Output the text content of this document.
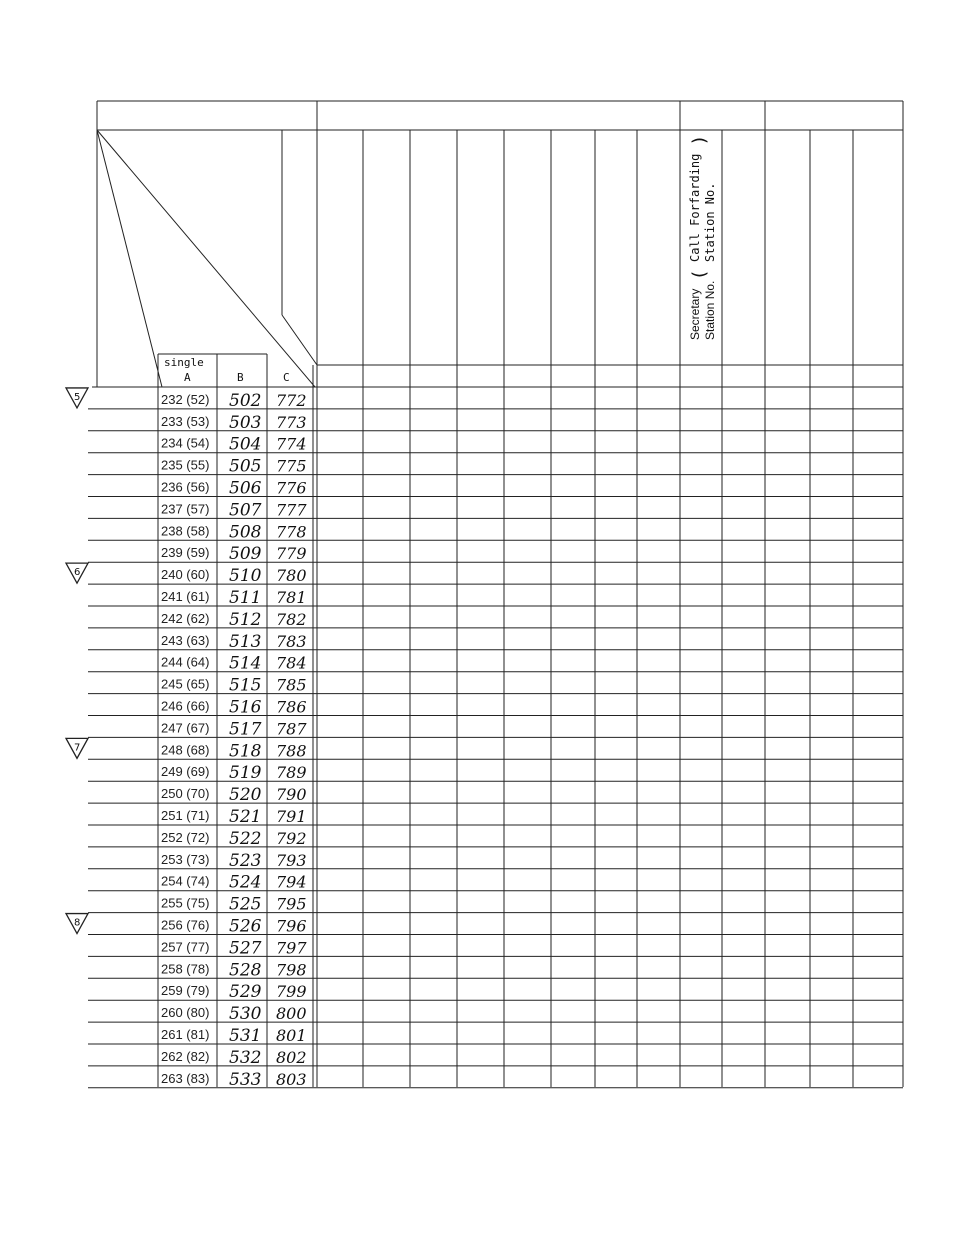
single
A	B	C
Secretary Station No.
Call Forfarding Station No.
(
)
232 (52) 502 772
233 (53) 503 773
234 (54) 504 774
235 (55) 505 775
236 (56) 506 776
237 (57) 507 777
238 (58) 508 778
239 (59) 509 779
240 (60) 510 780
241 (61) 511 781
242 (62) 512 782
243 (63) 513 783
244 (64) 514 784
245 (65) 515 785
246 (66) 516 786
247 (67) 517 787
248 (68) 518 788
249 (69) 519 789
250 (70) 520 790
251 (71) 521 791
252 (72) 522 792
253 (73) 523 793
254 (74) 524 794
255 (75) 525 795
256 (76) 526 796
257 (77) 527 797
258 (78) 528 798
259 (79) 529 799
260 (80) 530 800
261 (81) 531 801
262 (82) 532 802
263 (83) 533 803
5
6
7
8
